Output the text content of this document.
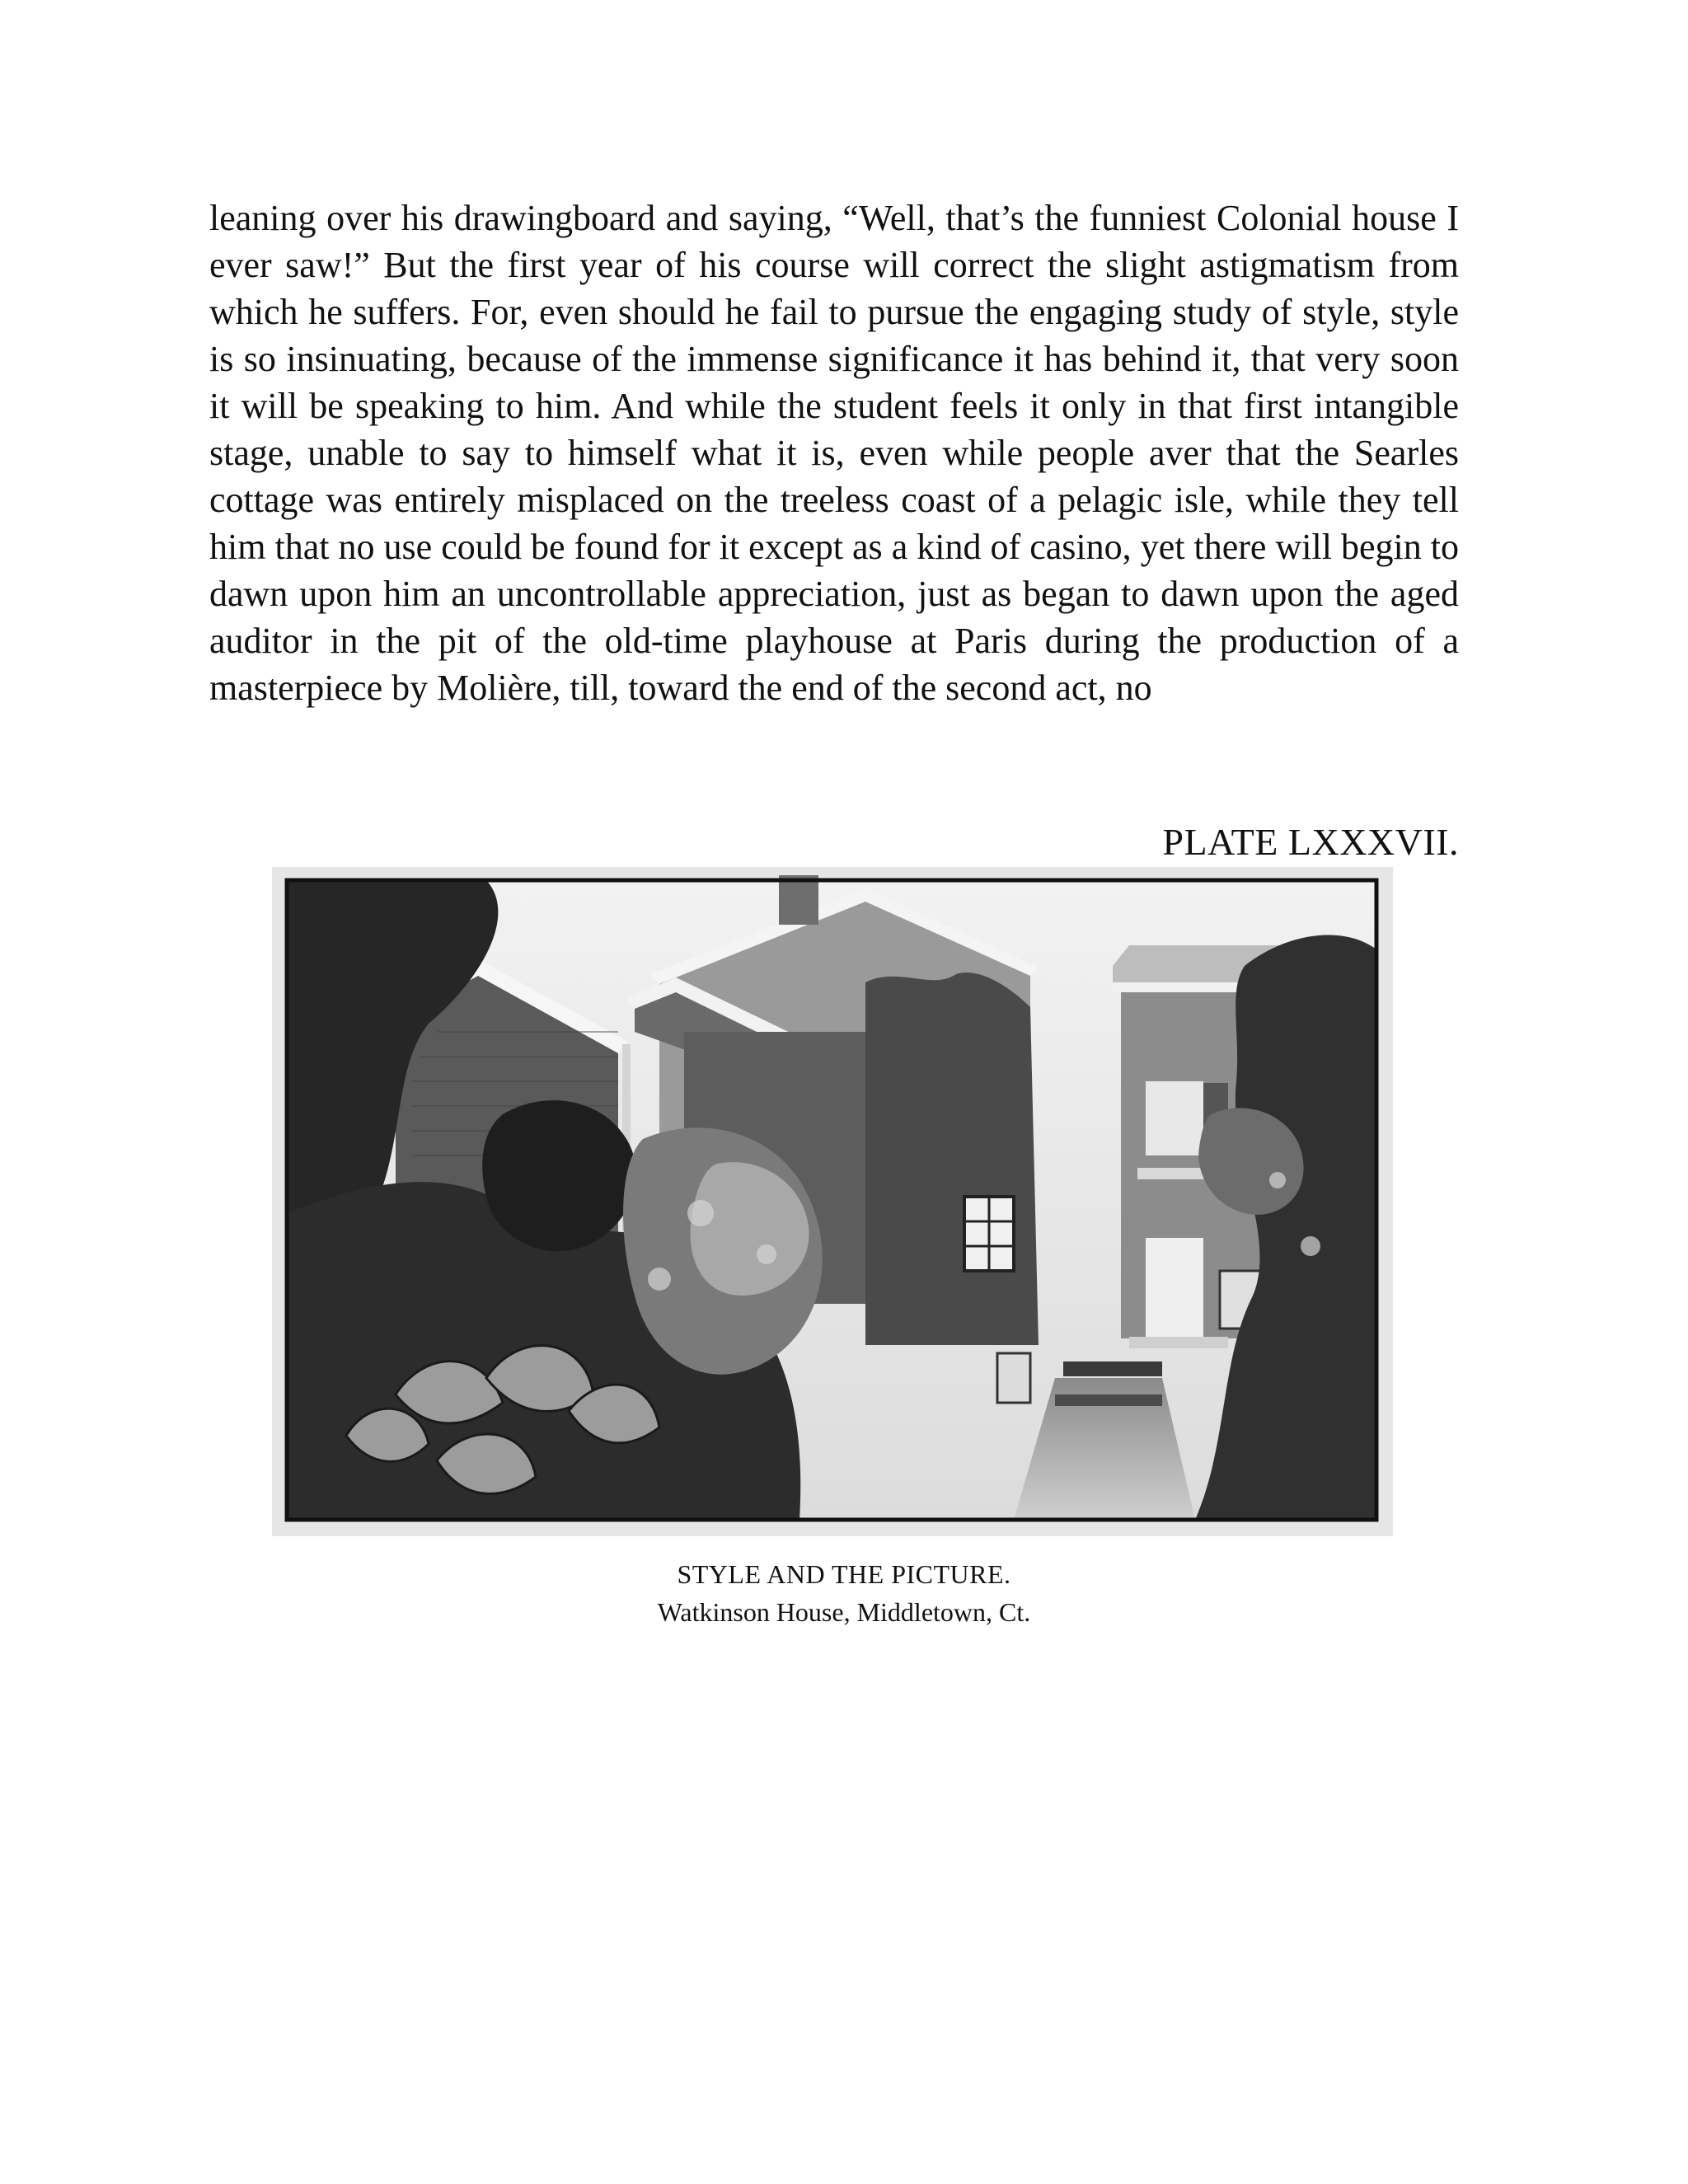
leaning over his drawingboard and saying, “Well, that’s the funniest Colonial house I ever saw!” But the first year of his course will correct the slight astigmatism from which he suffers. For, even should he fail to pursue the engaging study of style, style is so insinuating, because of the immense significance it has behind it, that very soon it will be speaking to him. And while the student feels it only in that first intangible stage, unable to say to himself what it is, even while people aver that the Searles cottage was entirely misplaced on the treeless coast of a pelagic isle, while they tell him that no use could be found for it except as a kind of casino, yet there will begin to dawn upon him an uncontrollable appreciation, just as began to dawn upon the aged auditor in the pit of the old-time playhouse at Paris during the production of a masterpiece by Molière, till, toward the end of the second act, no

PLATE LXXXVII.
STYLE AND THE PICTURE.
Watkinson House, Middletown, Ct.
